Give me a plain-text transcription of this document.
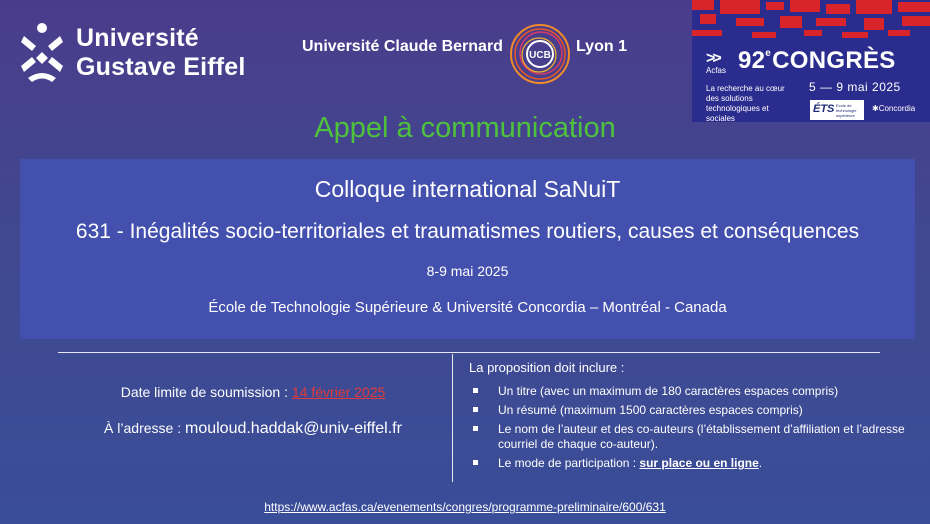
Université
Gustave Eiffel
Université Claude Bernard
UCB
Lyon 1
>>
Acfas 92eCONGRÈS
5 — 9 mai 2025
La recherche au cœur des solutions technologiques et sociales
ÉTS École de technologie supérieure
✱Concordia
Appel à communication
Colloque international SaNuiT
631 - Inégalités socio-territoriales et traumatismes routiers, causes et conséquences
8-9 mai 2025
École de Technologie Supérieure & Université Concordia – Montréal - Canada
Date limite de soumission : 14 février 2025
À l’adresse : mouloud.haddak@univ-eiffel.fr
La proposition doit inclure :
Un titre (avec un maximum de 180 caractères espaces compris)
Un résumé (maximum 1500 caractères espaces compris)
Le nom de l’auteur et des co-auteurs (l’établissement d’affiliation et l’adresse courriel de chaque co-auteur).
Le mode de participation : sur place ou en ligne.
https://www.acfas.ca/evenements/congres/programme-preliminaire/600/631
